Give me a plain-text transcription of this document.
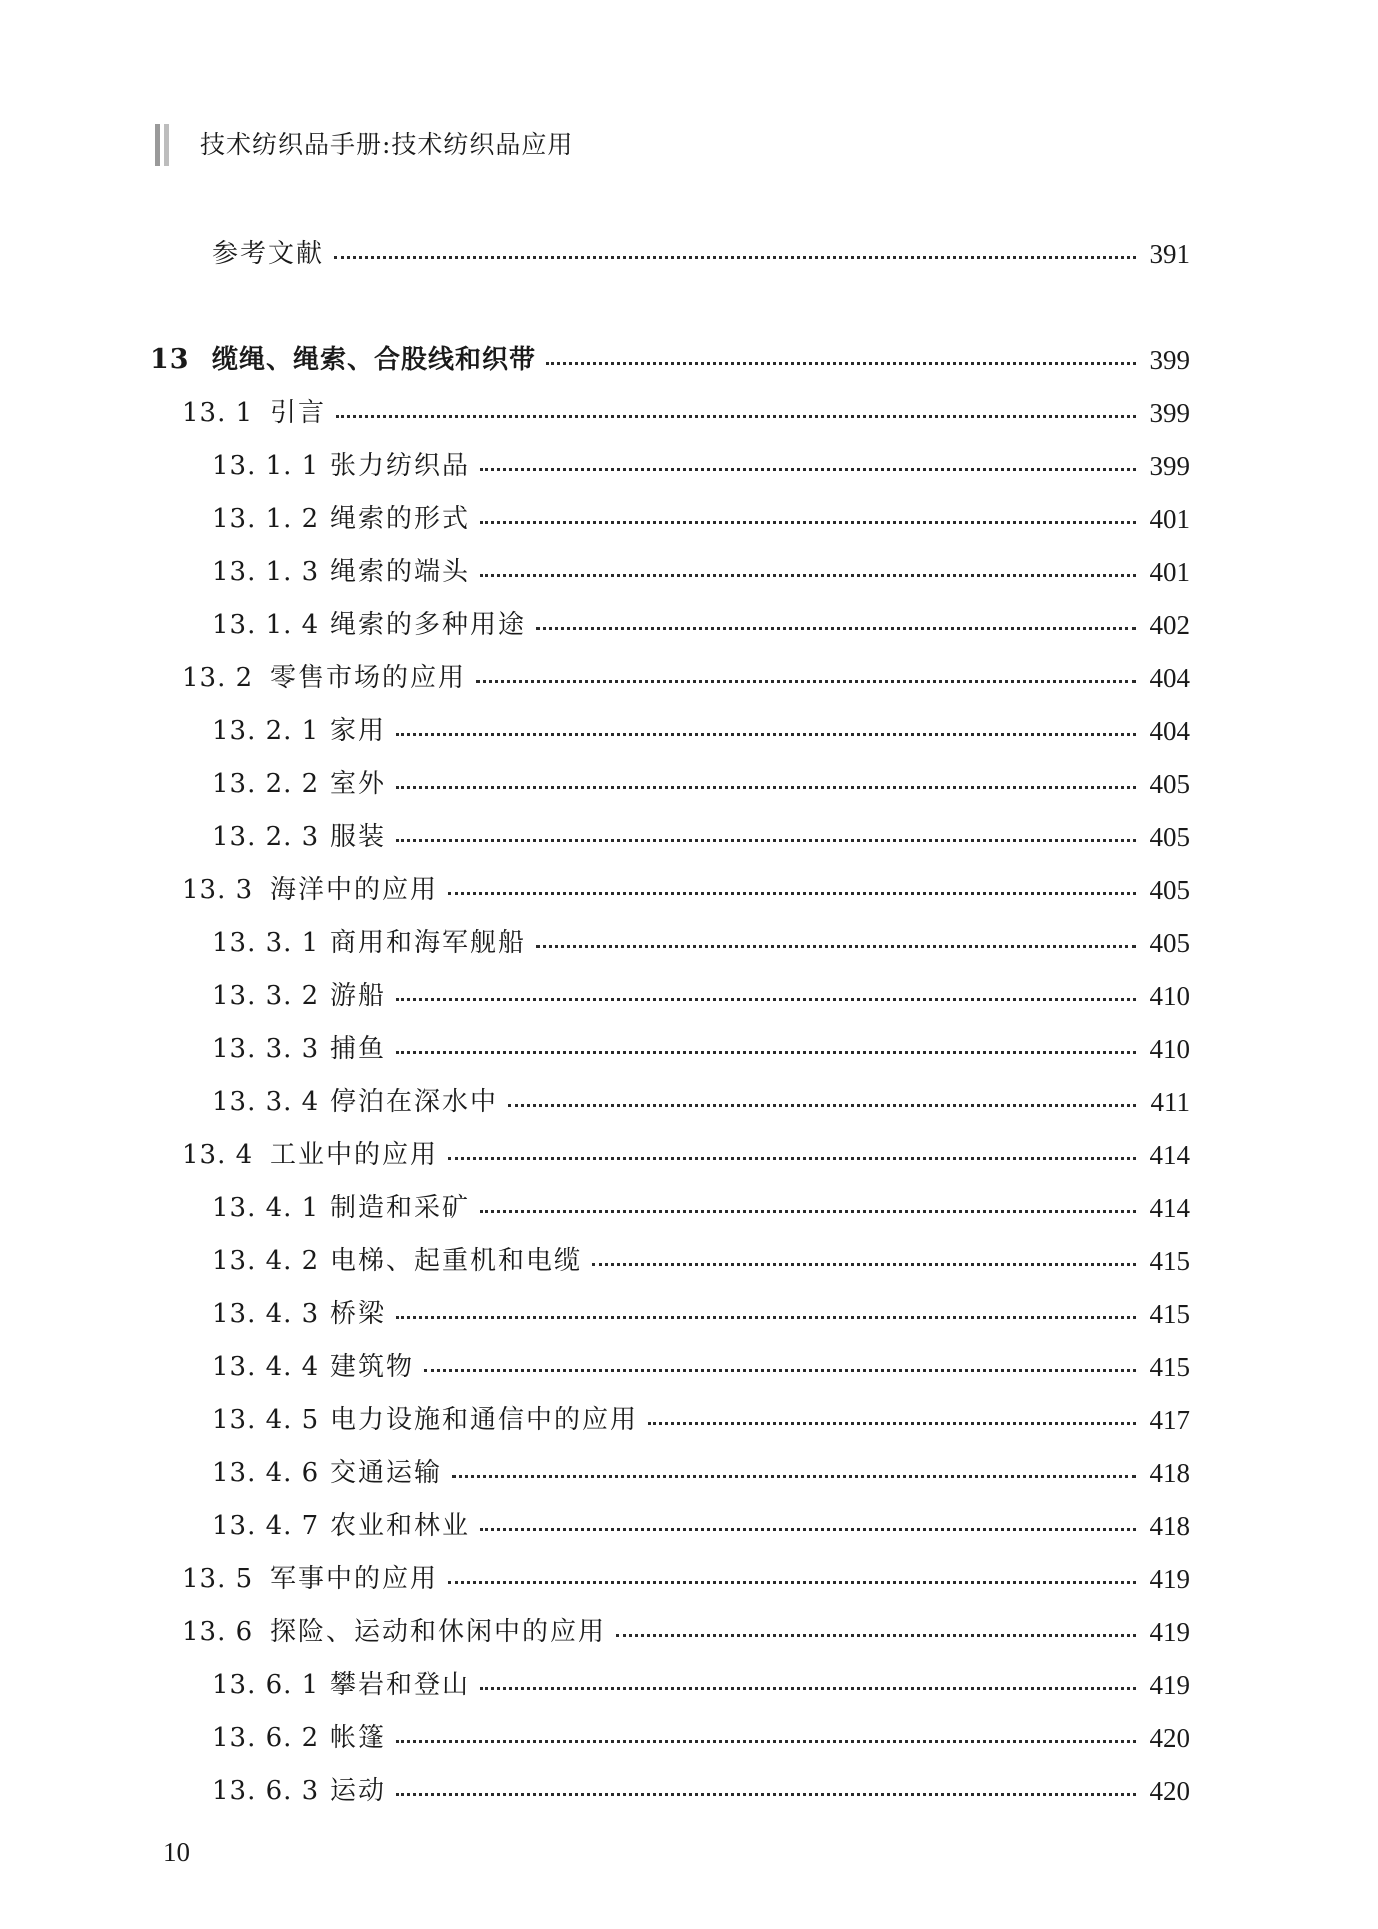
技术纺织品手册:技术纺织品应用
参考文献	391
13 缆绳、绳索、合股线和织带	399
13. 1 引言	399
13. 1. 1 张力纺织品	399
13. 1. 2 绳索的形式	401
13. 1. 3 绳索的端头	401
13. 1. 4 绳索的多种用途	402
13. 2 零售市场的应用	404
13. 2. 1 家用	404
13. 2. 2 室外	405
13. 2. 3 服装	405
13. 3 海洋中的应用	405
13. 3. 1 商用和海军舰船	405
13. 3. 2 游船	410
13. 3. 3 捕鱼	410
13. 3. 4 停泊在深水中	411
13. 4 工业中的应用	414
13. 4. 1 制造和采矿	414
13. 4. 2 电梯、起重机和电缆	415
13. 4. 3 桥梁	415
13. 4. 4 建筑物	415
13. 4. 5 电力设施和通信中的应用	417
13. 4. 6 交通运输	418
13. 4. 7 农业和林业	418
13. 5 军事中的应用	419
13. 6 探险、运动和休闲中的应用	419
13. 6. 1 攀岩和登山	419
13. 6. 2 帐篷	420
13. 6. 3 运动	420
10
